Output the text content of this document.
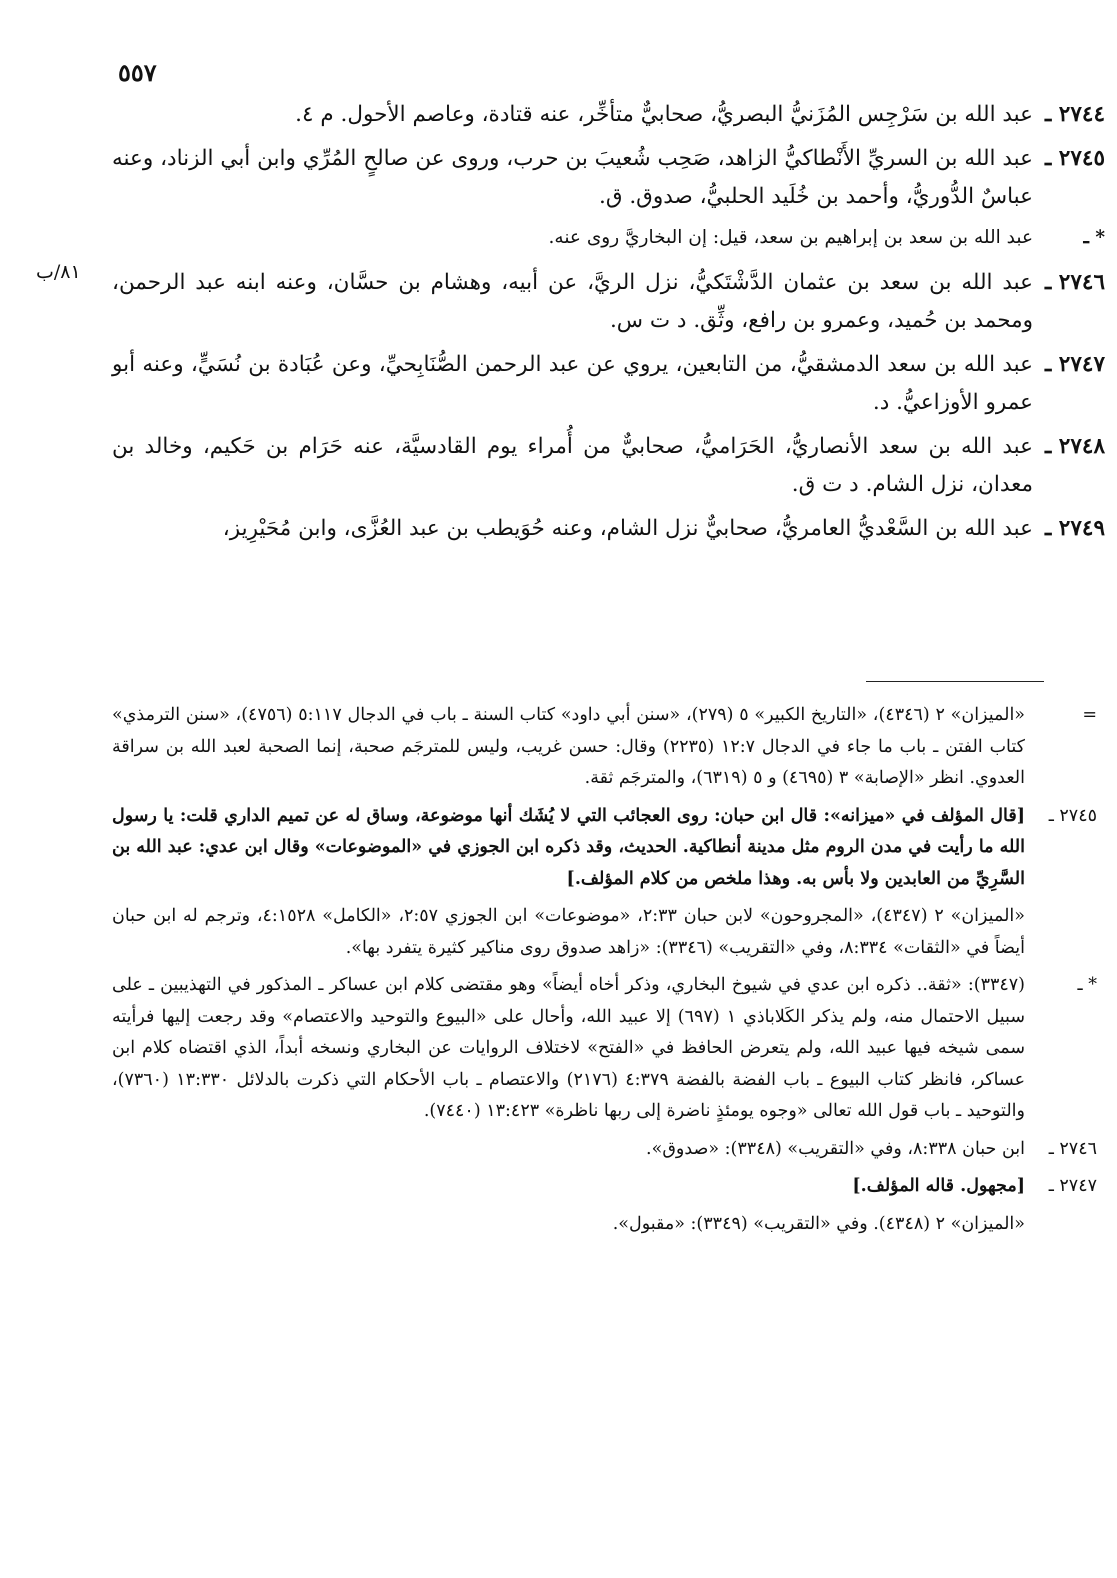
٥٥٧
٨١/ب

٢٧٤٤ ـعبد الله بن سَرْجِس المُزَنيُّ البصريُّ، صحابيٌّ متأخِّر، عنه قتادة، وعاصم الأحول. م ٤.

٢٧٤٥ ـعبد الله بن السريِّ الأَنْطاكيُّ الزاهد، صَحِب شُعيبَ بن حرب، وروى عن صالحٍ المُرِّي وابن أبي الزناد، وعنه عباسٌ الدُّوريُّ، وأحمد بن خُلَيد الحلبيُّ، صدوق. ق.

* ـعبد الله بن سعد بن إبراهيم بن سعد، قيل: إن البخاريَّ روى عنه.

٢٧٤٦ ـعبد الله بن سعد بن عثمان الدَّشْتَكيُّ، نزل الريَّ، عن أبيه، وهشام بن حسَّان، وعنه ابنه عبد الرحمن، ومحمد بن حُميد، وعمرو بن رافع، وثِّق. د ت س.

٢٧٤٧ ـعبد الله بن سعد الدمشقيُّ، من التابعين، يروي عن عبد الرحمن الصُّنَابِحيِّ، وعن عُبَادة بن نُسَيٍّ، وعنه أبو عمرو الأوزاعيُّ. د.

٢٧٤٨ ـعبد الله بن سعد الأنصاريُّ، الحَرَاميُّ، صحابيٌّ من أُمراء يوم القادسيَّة، عنه حَرَام بن حَكيم، وخالد بن معدان، نزل الشام. د ت ق.

٢٧٤٩ ـعبد الله بن السَّعْديُّ العامريُّ، صحابيٌّ نزل الشام، وعنه حُوَيطب بن عبد العُزَّى، وابن مُحَيْرِيز،

=«الميزان» ٢ (٤٣٤٦)، «التاريخ الكبير» ٥ (٢٧٩)، «سنن أبي داود» كتاب السنة ـ باب في الدجال ٥:١١٧ (٤٧٥٦)، «سنن الترمذي» كتاب الفتن ـ باب ما جاء في الدجال ١٢:٧ (٢٢٣٥) وقال: حسن غريب، وليس للمترجَم صحبة، إنما الصحبة لعبد الله بن سراقة العدوي. انظر «الإصابة» ٣ (٤٦٩٥) و ٥ (٦٣١٩)، والمترجَم ثقة.

٢٧٤٥ ـ[قال المؤلف في «ميزانه»: قال ابن حبان: روى العجائب التي لا يُشَك أنها موضوعة، وساق له عن تميم الداري قلت: يا رسول الله ما رأيت في مدن الروم مثل مدينة أنطاكية. الحديث، وقد ذكره ابن الجوزي في «الموضوعات» وقال ابن عدي: عبد الله بن السَّرِيِّ من العابدين ولا بأس به. وهذا ملخص من كلام المؤلف.]

«الميزان» ٢ (٤٣٤٧)، «المجروحون» لابن حبان ٢:٣٣، «موضوعات» ابن الجوزي ٢:٥٧، «الكامل» ٤:١٥٢٨، وترجم له ابن حبان أيضاً في «الثقات» ٨:٣٣٤، وفي «التقريب» (٣٣٤٦): «زاهد صدوق روى مناكير كثيرة يتفرد بها».

* ـ(٣٣٤٧): «ثقة.. ذكره ابن عدي في شيوخ البخاري، وذكر أخاه أيضاً» وهو مقتضى كلام ابن عساكر ـ المذكور في التهذيبين ـ على سبيل الاحتمال منه، ولم يذكر الكَلاباذي ١ (٦٩٧) إلا عبيد الله، وأحال على «البيوع والتوحيد والاعتصام» وقد رجعت إليها فرأيته سمى شيخه فيها عبيد الله، ولم يتعرض الحافظ في «الفتح» لاختلاف الروايات عن البخاري ونسخه أبداً، الذي اقتضاه كلام ابن عساكر، فانظر كتاب البيوع ـ باب الفضة بالفضة ٤:٣٧٩ (٢١٧٦) والاعتصام ـ باب الأحكام التي ذكرت بالدلائل ١٣:٣٣٠ (٧٣٦٠)، والتوحيد ـ باب قول الله تعالى «وجوه يومئذٍ ناضرة إلى ربها ناظرة» ١٣:٤٢٣ (٧٤٤٠).

٢٧٤٦ ـابن حبان ٨:٣٣٨، وفي «التقريب» (٣٣٤٨): «صدوق».

٢٧٤٧ ـ[مجهول. قاله المؤلف.]

«الميزان» ٢ (٤٣٤٨). وفي «التقريب» (٣٣٤٩): «مقبول».
